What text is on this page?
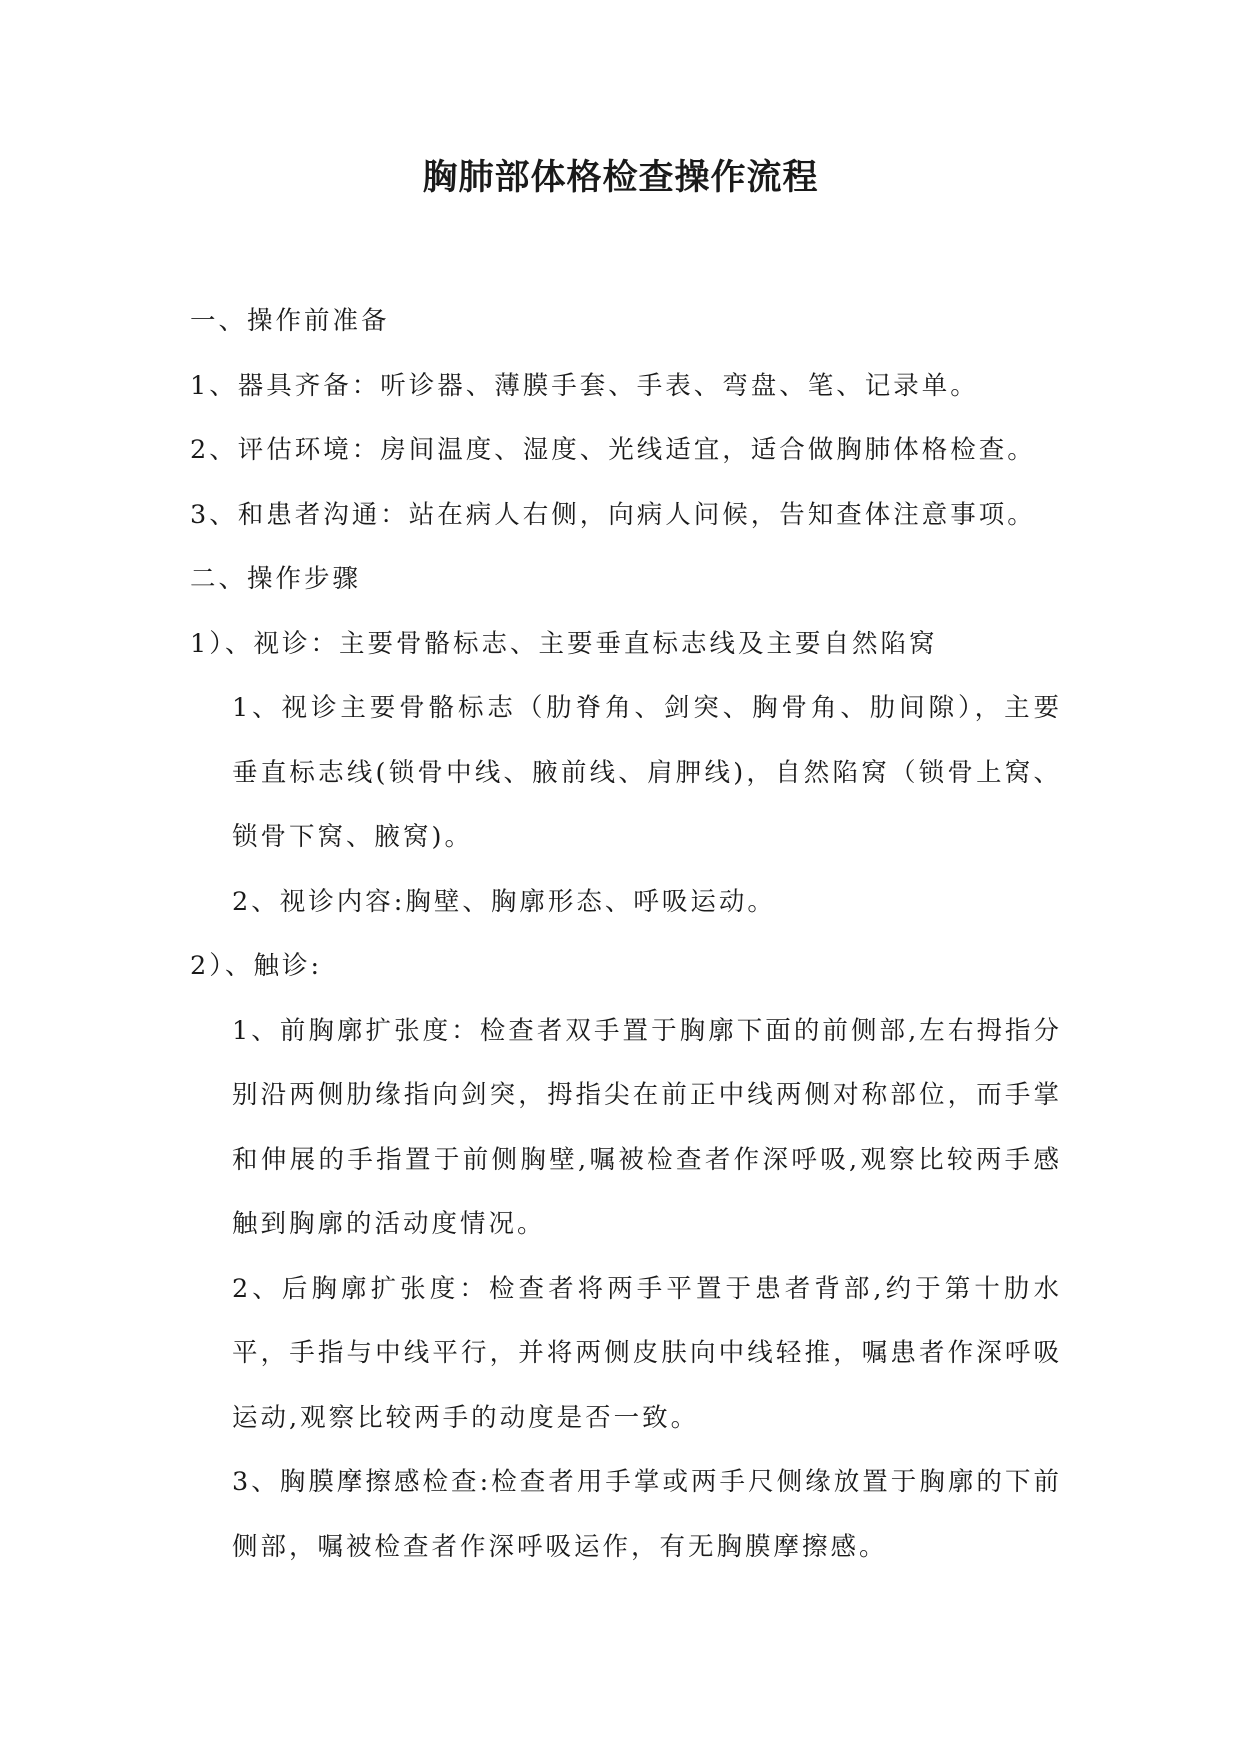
胸肺部体格检查操作流程

一、操作前准备

1、器具齐备：听诊器、薄膜手套、手表、弯盘、笔、记录单。

2、评估环境：房间温度、湿度、光线适宜，适合做胸肺体格检查。

3、和患者沟通：站在病人右侧，向病人问候，告知查体注意事项。

二、操作步骤

1）、视诊：主要骨骼标志、主要垂直标志线及主要自然陷窝

1、视诊主要骨骼标志（肋脊角、剑突、胸骨角、肋间隙），主要垂直标志线(锁骨中线、腋前线、肩胛线)，自然陷窝（锁骨上窝、锁骨下窝、腋窝)。

2、视诊内容:胸壁、胸廓形态、呼吸运动。

2）、触诊:

1、前胸廓扩张度：检查者双手置于胸廓下面的前侧部,左右拇指分别沿两侧肋缘指向剑突，拇指尖在前正中线两侧对称部位，而手掌和伸展的手指置于前侧胸壁,嘱被检查者作深呼吸,观察比较两手感触到胸廓的活动度情况。

2、后胸廓扩张度：检查者将两手平置于患者背部,约于第十肋水平，手指与中线平行，并将两侧皮肤向中线轻推，嘱患者作深呼吸运动,观察比较两手的动度是否一致。

3、胸膜摩擦感检查:检查者用手掌或两手尺侧缘放置于胸廓的下前侧部，嘱被检查者作深呼吸运作，有无胸膜摩擦感。
